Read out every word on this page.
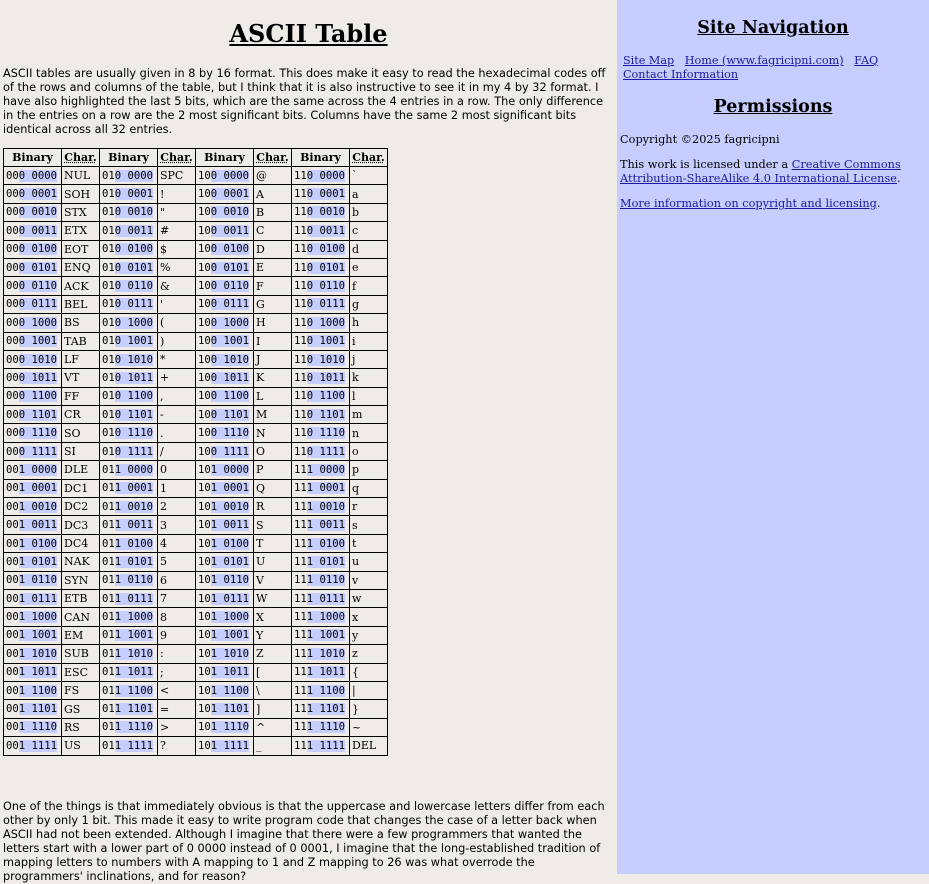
ASCII Table

ASCII tables are usually given in 8 by 16 format. This does make it easy to read the hexadecimal codes off of the rows and columns of the table, but I think that it is also instructive to see it in my 4 by 32 format. I have also highlighted the last 5 bits, which are the same across the 4 entries in a row. The only difference in the entries on a row are the 2 most significant bits. Columns have the same 2 most significant bits identical across all 32 entries.

Binary	Char.	Binary	Char.	Binary	Char.	Binary	Char.
000 0000	NUL	010 0000	SPC	100 0000	@	110 0000	`
000 0001	SOH	010 0001	!	100 0001	A	110 0001	a
000 0010	STX	010 0010	"	100 0010	B	110 0010	b
000 0011	ETX	010 0011	#	100 0011	C	110 0011	c
000 0100	EOT	010 0100	$	100 0100	D	110 0100	d
000 0101	ENQ	010 0101	%	100 0101	E	110 0101	e
000 0110	ACK	010 0110	&	100 0110	F	110 0110	f
000 0111	BEL	010 0111	'	100 0111	G	110 0111	g
000 1000	BS	010 1000	(	100 1000	H	110 1000	h
000 1001	TAB	010 1001	)	100 1001	I	110 1001	i
000 1010	LF	010 1010	*	100 1010	J	110 1010	j
000 1011	VT	010 1011	+	100 1011	K	110 1011	k
000 1100	FF	010 1100	,	100 1100	L	110 1100	l
000 1101	CR	010 1101	-	100 1101	M	110 1101	m
000 1110	SO	010 1110	.	100 1110	N	110 1110	n
000 1111	SI	010 1111	/	100 1111	O	110 1111	o
001 0000	DLE	011 0000	0	101 0000	P	111 0000	p
001 0001	DC1	011 0001	1	101 0001	Q	111 0001	q
001 0010	DC2	011 0010	2	101 0010	R	111 0010	r
001 0011	DC3	011 0011	3	101 0011	S	111 0011	s
001 0100	DC4	011 0100	4	101 0100	T	111 0100	t
001 0101	NAK	011 0101	5	101 0101	U	111 0101	u
001 0110	SYN	011 0110	6	101 0110	V	111 0110	v
001 0111	ETB	011 0111	7	101 0111	W	111 0111	w
001 1000	CAN	011 1000	8	101 1000	X	111 1000	x
001 1001	EM	011 1001	9	101 1001	Y	111 1001	y
001 1010	SUB	011 1010	:	101 1010	Z	111 1010	z
001 1011	ESC	011 1011	;	101 1011	[	111 1011	{
001 1100	FS	011 1100	<	101 1100	\	111 1100	|
001 1101	GS	011 1101	=	101 1101	]	111 1101	}
001 1110	RS	011 1110	>	101 1110	^	111 1110	~
001 1111	US	011 1111	?	101 1111	_	111 1111	DEL

One of the things is that immediately obvious is that the uppercase and lowercase letters differ from each other by only 1 bit. This made it easy to write program code that changes the case of a letter back when ASCII had not been extended. Although I imagine that there were a few programmers that wanted the letters start with a lower part of 0 0000 instead of 0 0001, I imagine that the long-established tradition of mapping letters to numbers with A mapping to 1 and Z mapping to 26 was what overrode the programmers' inclinations, and for reason?

Site Navigation
Site Map Home (www.fagricipni.com) FAQ Contact Information
Permissions

Copyright ©2025 fagricipni

This work is licensed under a Creative Commons Attribution-ShareAlike 4.0 International License.

More information on copyright and licensing.
